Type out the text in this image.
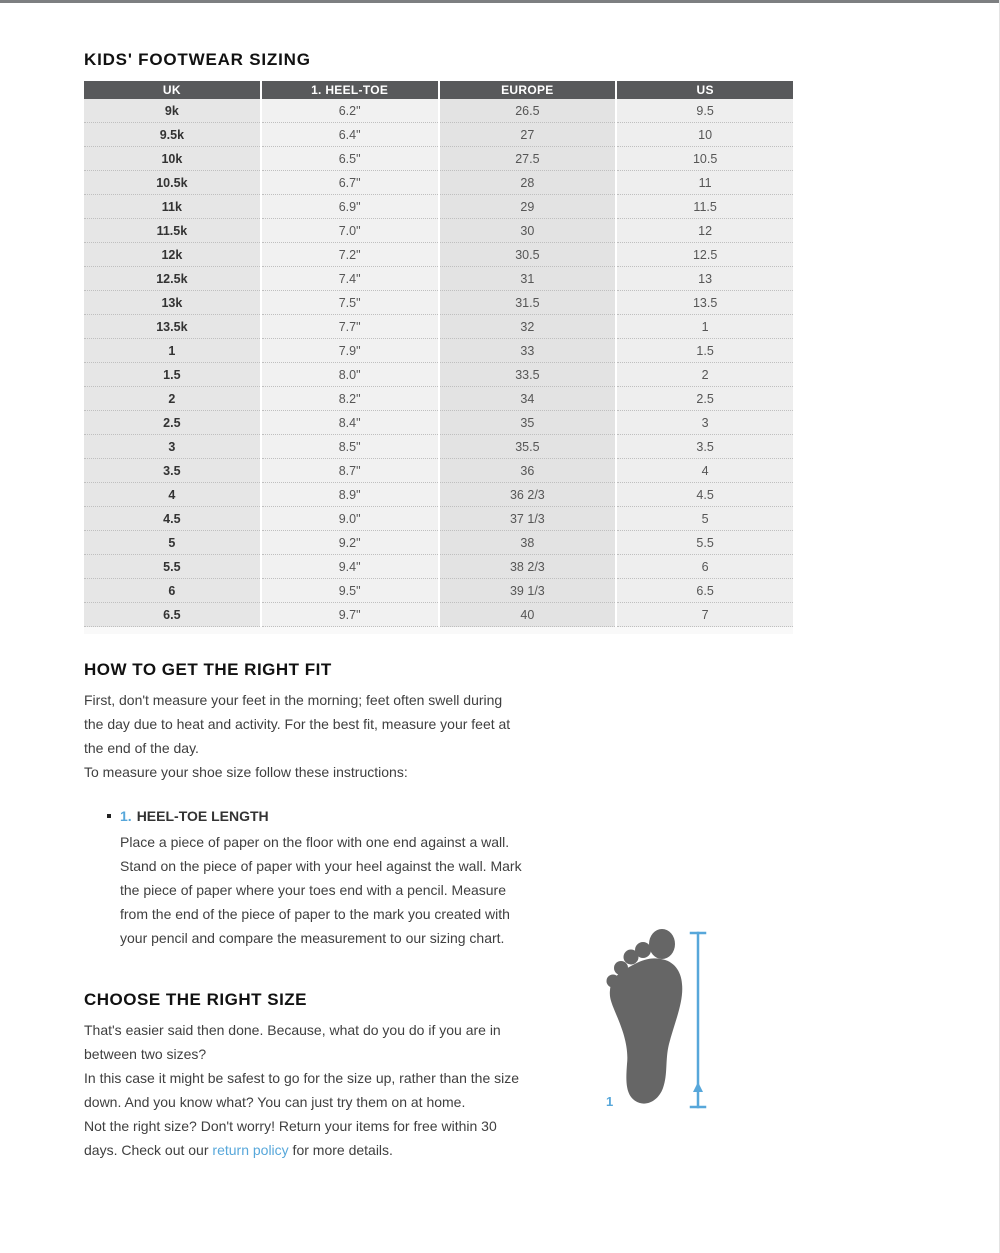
KIDS' FOOTWEAR SIZING
UK	1. HEEL-TOE	EUROPE	US
9k	6.2"	26.5	9.5
9.5k	6.4"	27	10
10k	6.5"	27.5	10.5
10.5k	6.7"	28	11
11k	6.9"	29	11.5
11.5k	7.0"	30	12
12k	7.2"	30.5	12.5
12.5k	7.4"	31	13
13k	7.5"	31.5	13.5
13.5k	7.7"	32	1
1	7.9"	33	1.5
1.5	8.0"	33.5	2
2	8.2"	34	2.5
2.5	8.4"	35	3
3	8.5"	35.5	3.5
3.5	8.7"	36	4
4	8.9"	36 2/3	4.5
4.5	9.0"	37 1/3	5
5	9.2"	38	5.5
5.5	9.4"	38 2/3	6
6	9.5"	39 1/3	6.5
6.5	9.7"	40	7
HOW TO GET THE RIGHT FIT

First, don't measure your feet in the morning; feet often swell during the day due to heat and activity. For the best fit, measure your feet at the end of the day.

To measure your shoe size follow these instructions:

1. HEEL-TOE LENGTH

Place a piece of paper on the floor with one end against a wall. Stand on the piece of paper with your heel against the wall. Mark the piece of paper where your toes end with a pencil. Measure from the end of the piece of paper to the mark you created with your pencil and compare the measurement to our sizing chart.

CHOOSE THE RIGHT SIZE

That's easier said then done. Because, what do you do if you are in between two sizes?

In this case it might be safest to go for the size up, rather than the size down. And you know what? You can just try them on at home.

Not the right size? Don't worry! Return your items for free within 30 days. Check out our return policy for more details.

1
